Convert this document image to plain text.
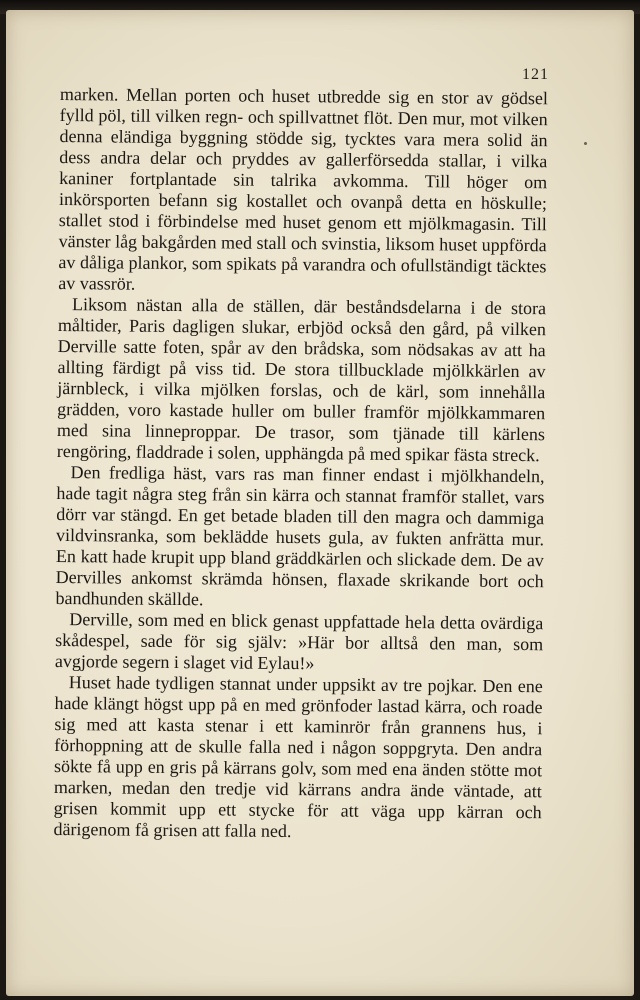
121

marken. Mellan porten och huset utbredde sig en stor av gödsel fylld pöl, till vilken regn- och spillvattnet flöt. Den mur, mot vilken denna eländiga byggning stödde sig, tycktes vara mera solid än dess andra delar och pryddes av gallerförsedda stallar, i vilka kaniner fortplantade sin talrika avkomma. Till höger om inkörsporten befann sig kostallet och ovanpå detta en höskulle; stallet stod i förbindelse med huset genom ett mjölkmagasin. Till vänster låg bakgården med stall och svinstia, liksom huset uppförda av dåliga plankor, som spikats på varandra och ofullständigt täcktes av vassrör.

Liksom nästan alla de ställen, där beståndsdelarna i de stora måltider, Paris dagligen slukar, erbjöd också den gård, på vilken Derville satte foten, spår av den brådska, som nödsakas av att ha allting färdigt på viss tid. De stora tillbucklade mjölkkärlen av järnbleck, i vilka mjölken forslas, och de kärl, som innehålla grädden, voro kastade huller om buller framför mjölkkammaren med sina linneproppar. De trasor, som tjänade till kärlens rengöring, fladdrade i solen, upphängda på med spikar fästa streck.

Den fredliga häst, vars ras man finner endast i mjölkhandeln, hade tagit några steg från sin kärra och stannat framför stallet, vars dörr var stängd. En get betade bladen till den magra och dammiga vildvinsranka, som beklädde husets gula, av fukten anfrätta mur. En katt hade krupit upp bland gräddkärlen och slickade dem. De av Dervilles ankomst skrämda hönsen, flaxade skrikande bort och bandhunden skällde.

Derville, som med en blick genast uppfattade hela detta ovärdiga skådespel, sade för sig själv: »Här bor alltså den man, som avgjorde segern i slaget vid Eylau!»

Huset hade tydligen stannat under uppsikt av tre pojkar. Den ene hade klängt högst upp på en med grönfoder lastad kärra, och roade sig med att kasta stenar i ett kaminrör från grannens hus, i förhoppning att de skulle falla ned i någon soppgryta. Den andra sökte få upp en gris på kärrans golv, som med ena änden stötte mot marken, medan den tredje vid kärrans andra ände väntade, att grisen kommit upp ett stycke för att väga upp kärran och därigenom få grisen att falla ned.
